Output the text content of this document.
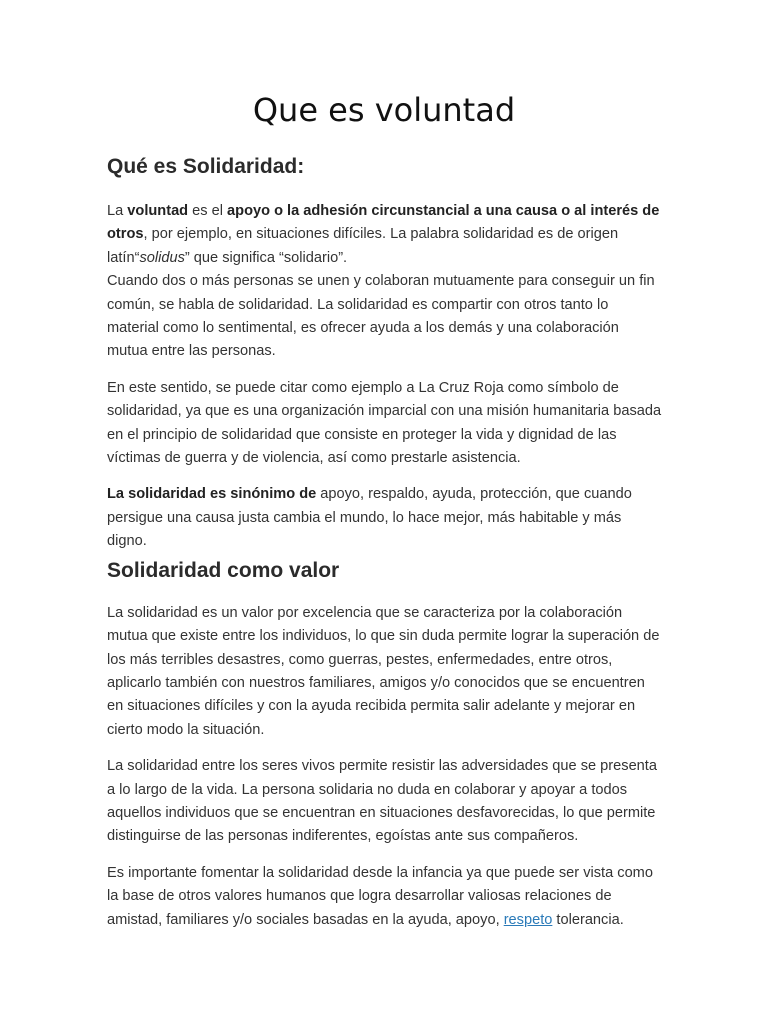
Que es voluntad
Qué es Solidaridad:

La voluntad es el apoyo o la adhesión circunstancial a una causa o al interés de otros, por ejemplo, en situaciones difíciles. La palabra solidaridad es de origen latín“solidus” que significa “solidario”.
Cuando dos o más personas se unen y colaboran mutuamente para conseguir un fin común, se habla de solidaridad. La solidaridad es compartir con otros tanto lo material como lo sentimental, es ofrecer ayuda a los demás y una colaboración mutua entre las personas.

En este sentido, se puede citar como ejemplo a La Cruz Roja como símbolo de solidaridad, ya que es una organización imparcial con una misión humanitaria basada en el principio de solidaridad que consiste en proteger la vida y dignidad de las víctimas de guerra y de violencia, así como prestarle asistencia.

La solidaridad es sinónimo de apoyo, respaldo, ayuda, protección, que cuando persigue una causa justa cambia el mundo, lo hace mejor, más habitable y más digno.

Solidaridad como valor

La solidaridad es un valor por excelencia que se caracteriza por la colaboración mutua que existe entre los individuos, lo que sin duda permite lograr la superación de los más terribles desastres, como guerras, pestes, enfermedades, entre otros, aplicarlo también con nuestros familiares, amigos y/o conocidos que se encuentren en situaciones difíciles y con la ayuda recibida permita salir adelante y mejorar en cierto modo la situación.

La solidaridad entre los seres vivos permite resistir las adversidades que se presenta a lo largo de la vida. La persona solidaria no duda en colaborar y apoyar a todos aquellos individuos que se encuentran en situaciones desfavorecidas, lo que permite distinguirse de las personas indiferentes, egoístas ante sus compañeros.

Es importante fomentar la solidaridad desde la infancia ya que puede ser vista como la base de otros valores humanos que logra desarrollar valiosas relaciones de amistad, familiares y/o sociales basadas en la ayuda, apoyo, respeto tolerancia.
